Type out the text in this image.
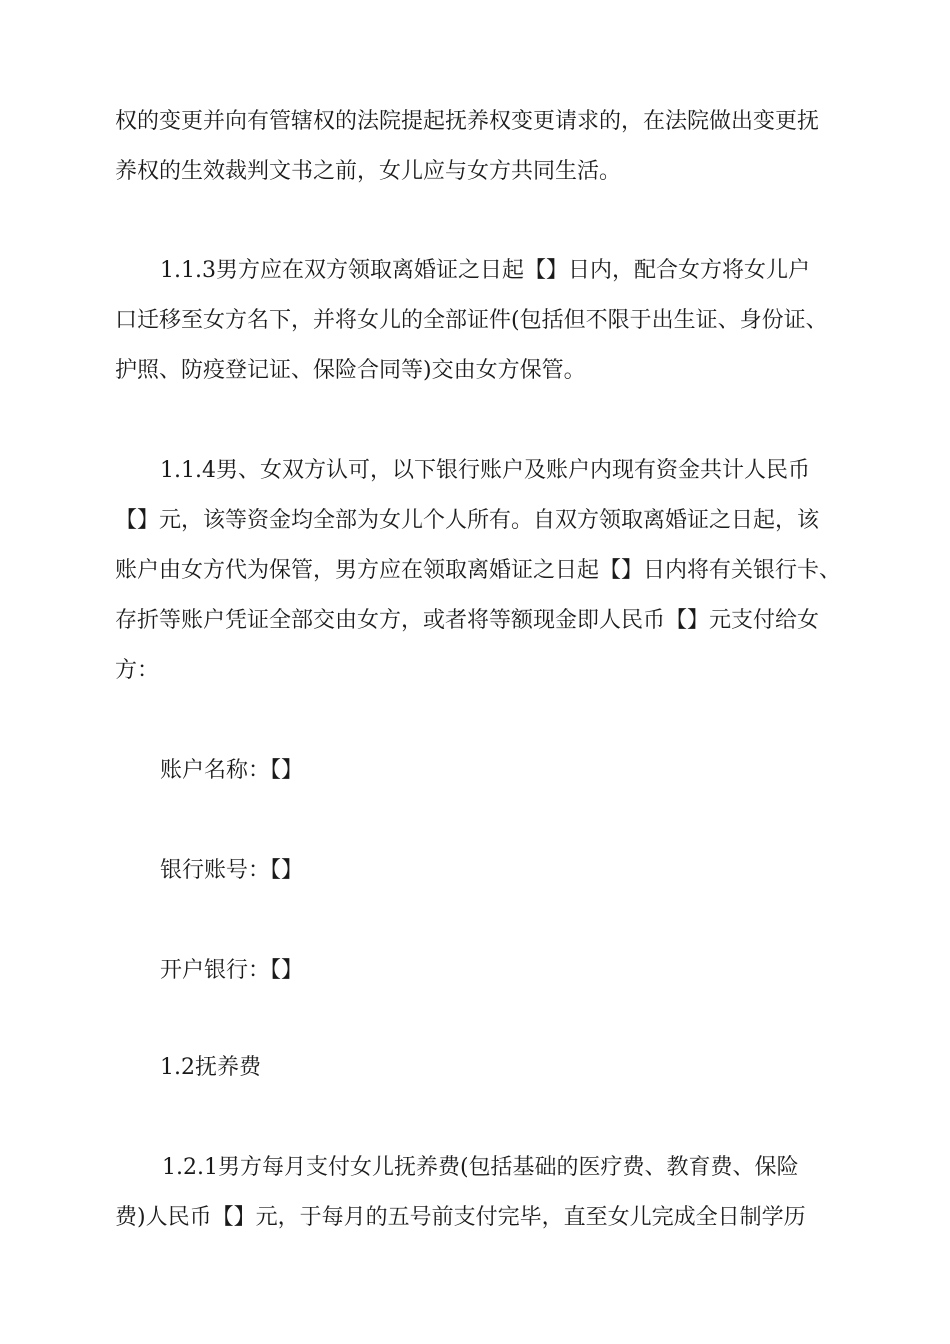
权的变更并向有管辖权的法院提起抚养权变更请求的，在法院做出变更抚
养权的生效裁判文书之前，女儿应与女方共同生活。
1.1.3男方应在双方领取离婚证之日起【】日内，配合女方将女儿户
口迁移至女方名下，并将女儿的全部证件(包括但不限于出生证、身份证、
护照、防疫登记证、保险合同等)交由女方保管。
1.1.4男、女双方认可，以下银行账户及账户内现有资金共计人民币
【】元，该等资金均全部为女儿个人所有。自双方领取离婚证之日起，该
账户由女方代为保管，男方应在领取离婚证之日起【】日内将有关银行卡、
存折等账户凭证全部交由女方，或者将等额现金即人民币【】元支付给女
方：
账户名称：【】
银行账号：【】
开户银行：【】
1.2抚养费
1.2.1男方每月支付女儿抚养费(包括基础的医疗费、教育费、保险
费)人民币【】元，于每月的五号前支付完毕，直至女儿完成全日制学历
